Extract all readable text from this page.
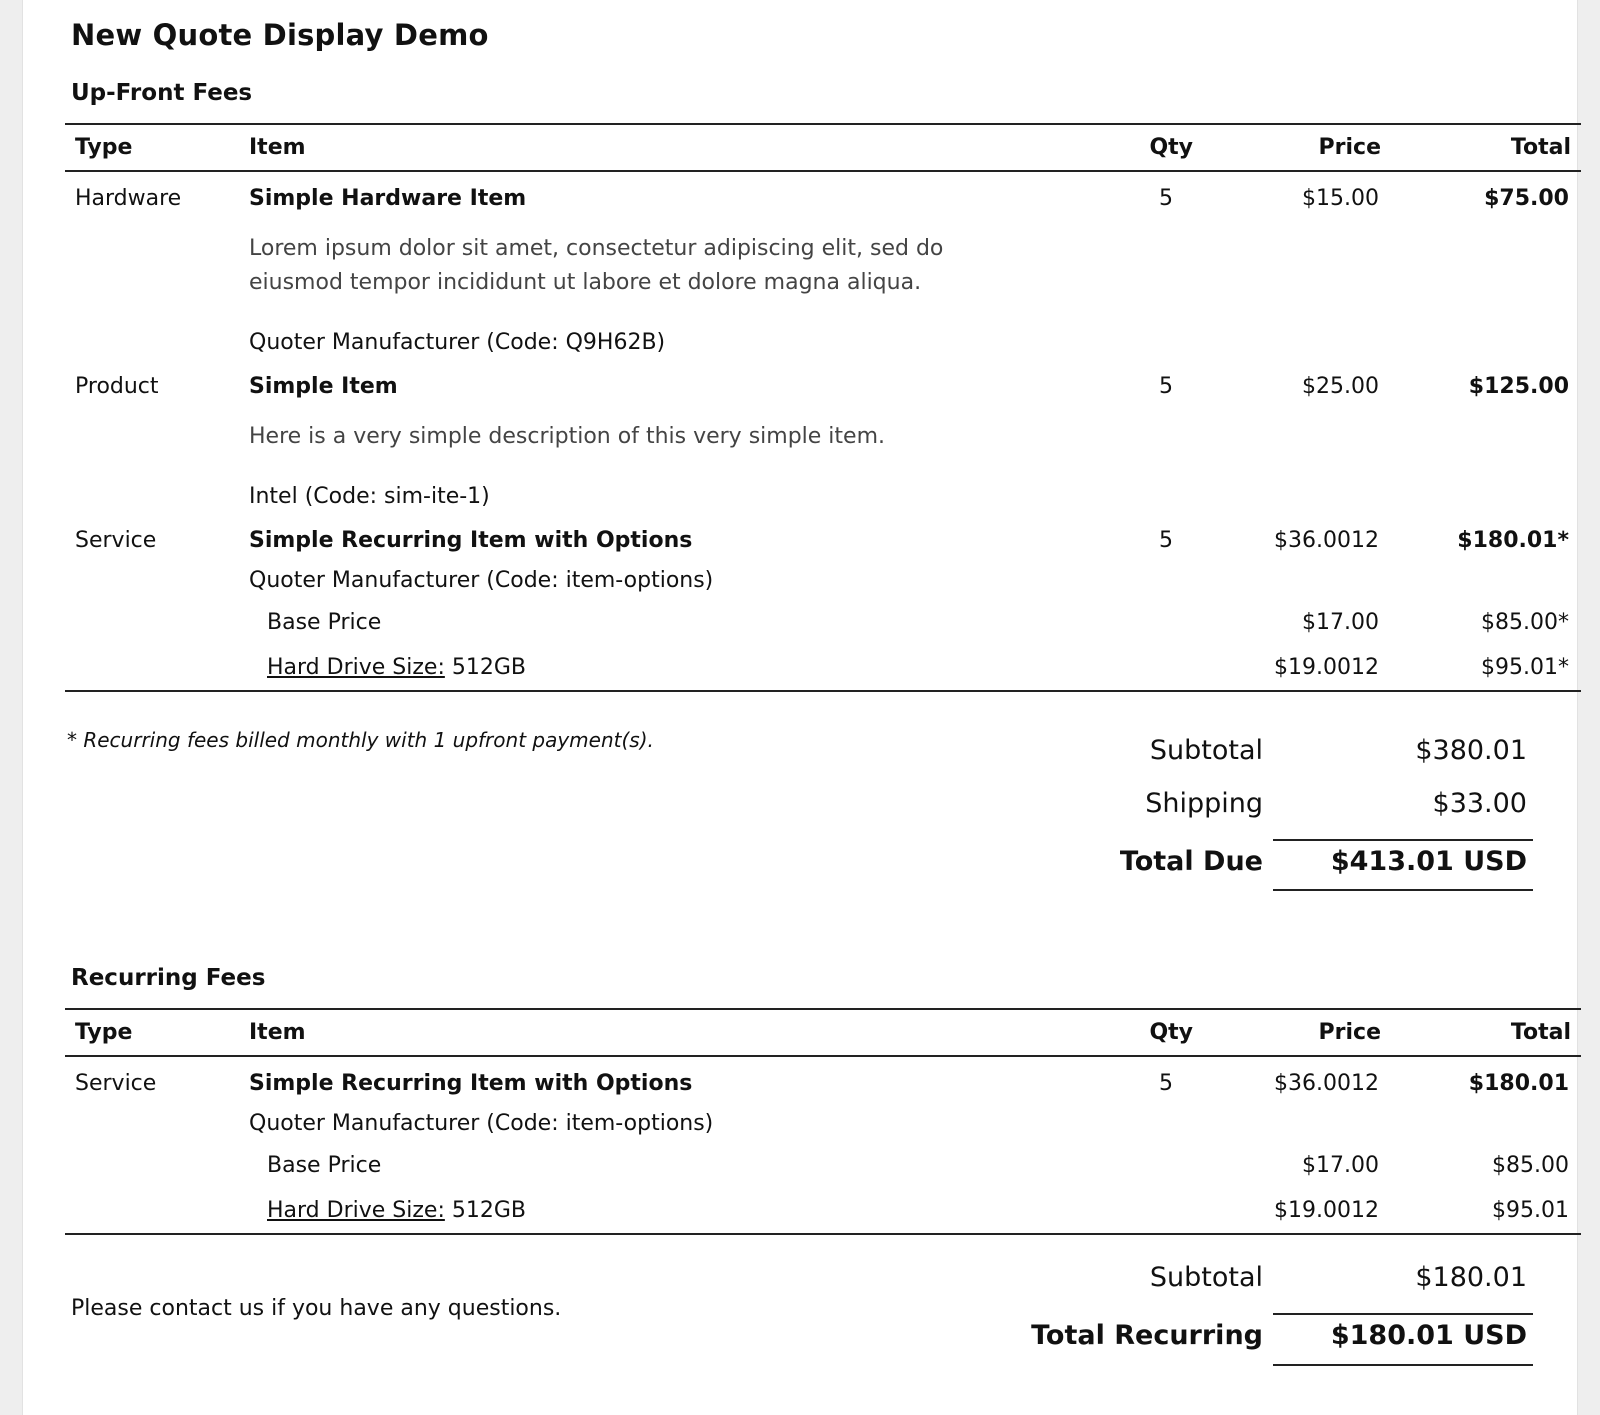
New Quote Display Demo
Up-Front Fees
Type	Item	Qty	Price	Total
Hardware	Simple Hardware Item	5	$15.00	$75.00

	Lorem ipsum dolor sit amet, consectetur adipiscing elit, sed do eiusmod tempor incididunt ut labore et dolore magna aliqua.			

	Quoter Manufacturer (Code: Q9H62B)			
Product	Simple Item	5	$25.00	$125.00

	Here is a very simple description of this very simple item.			

	Intel (Code: sim-ite-1)			
Service	Simple Recurring Item with Options	5	$36.0012	$180.01*
	Quoter Manufacturer (Code: item-options)			
	Base Price		$17.00	$85.00*
	Hard Drive Size: 512GB		$19.0012	$95.01*
* Recurring fees billed monthly with 1 upfront payment(s).	Subtotal	$380.01
Shipping	$33.00
Total Due	$413.01 USD
Recurring Fees
Type	Item	Qty	Price	Total
Service	Simple Recurring Item with Options	5	$36.0012	$180.01
	Quoter Manufacturer (Code: item-options)			
	Base Price		$17.00	$85.00
	Hard Drive Size: 512GB		$19.0012	$95.01
Please contact us if you have any questions.
Subtotal	$180.01
Total Recurring	$180.01 USD
